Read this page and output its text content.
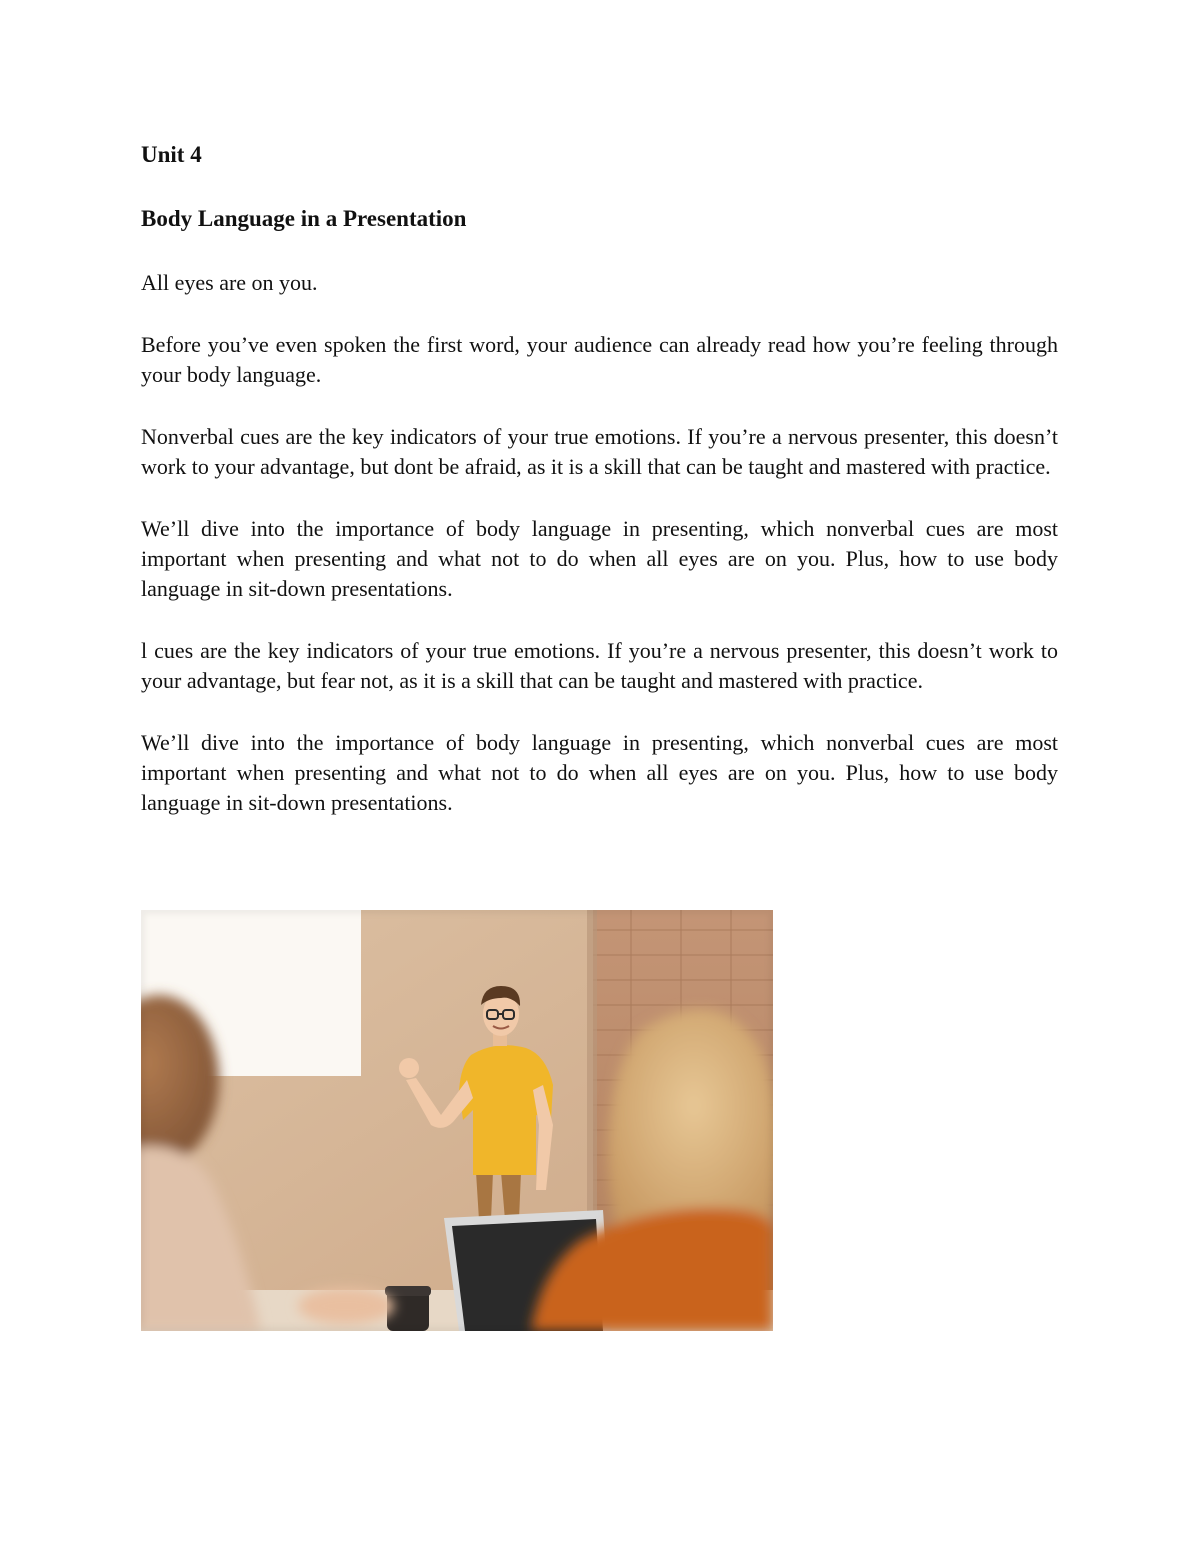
Unit 4
Body Language in a Presentation

All eyes are on you.

Before you’ve even spoken the first word, your audience can already read how you’re feeling through your body language.

Nonverbal cues are the key indicators of your true emotions. If you’re a nervous presenter, this doesn’t work to your advantage, but dont be afraid, as it is a skill that can be taught and mastered with practice.

We’ll dive into the importance of body language in presenting, which nonverbal cues are most important when presenting and what not to do when all eyes are on you. Plus, how to use body language in sit-down presentations.

l cues are the key indicators of your true emotions. If you’re a nervous presenter, this doesn’t work to your advantage, but fear not, as it is a skill that can be taught and mastered with practice.

We’ll dive into the importance of body language in presenting, which nonverbal cues are most important when presenting and what not to do when all eyes are on you. Plus, how to use body language in sit-down presentations.
